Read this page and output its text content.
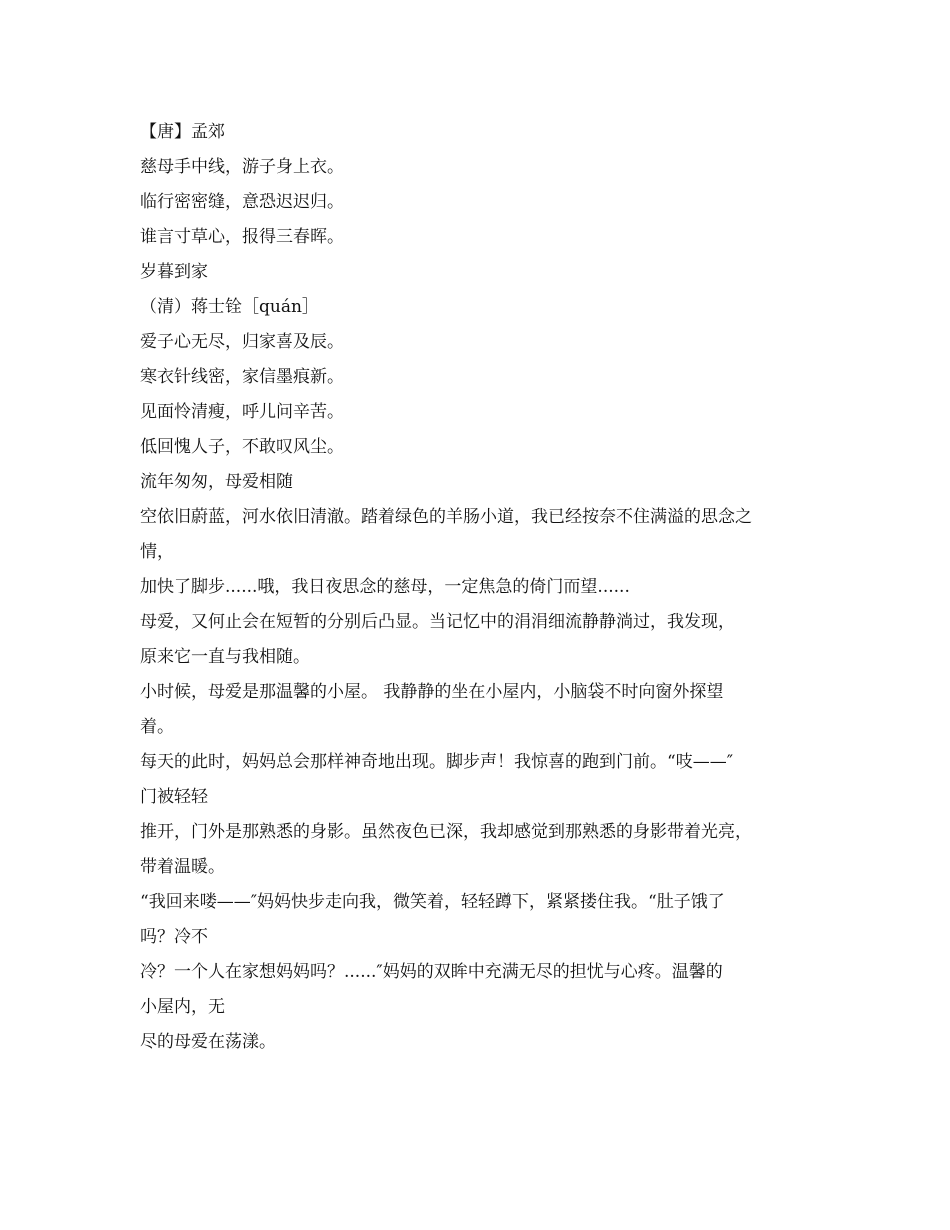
【唐】孟郊
慈母手中线，游子身上衣。
临行密密缝，意恐迟迟归。
谁言寸草心，报得三春晖。
岁暮到家
（清）蒋士铨［quán］
爱子心无尽，归家喜及辰。
寒衣针线密，家信墨痕新。
见面怜清瘦，呼儿问辛苦。
低回愧人子，不敢叹风尘。
流年匆匆，母爱相随
空依旧蔚蓝，河水依旧清澈。踏着绿色的羊肠小道，我已经按奈不住满溢的思念之
情，
加快了脚步......哦，我日夜思念的慈母，一定焦急的倚门而望......
母爱，又何止会在短暂的分别后凸显。当记忆中的涓涓细流静静淌过，我发现，
原来它一直与我相随。
小时候，母爱是那温馨的小屋。 我静静的坐在小屋内，小脑袋不时向窗外探望
着。
每天的此时，妈妈总会那样神奇地出现。脚步声！我惊喜的跑到门前。“吱——″
门被轻轻
推开，门外是那熟悉的身影。虽然夜色已深，我却感觉到那熟悉的身影带着光亮，
带着温暖。
“我回来喽——″妈妈快步走向我，微笑着，轻轻蹲下，紧紧搂住我。“肚子饿了
吗？冷不
冷？一个人在家想妈妈吗？......″妈妈的双眸中充满无尽的担忧与心疼。温馨的
小屋内，无
尽的母爱在荡漾。
